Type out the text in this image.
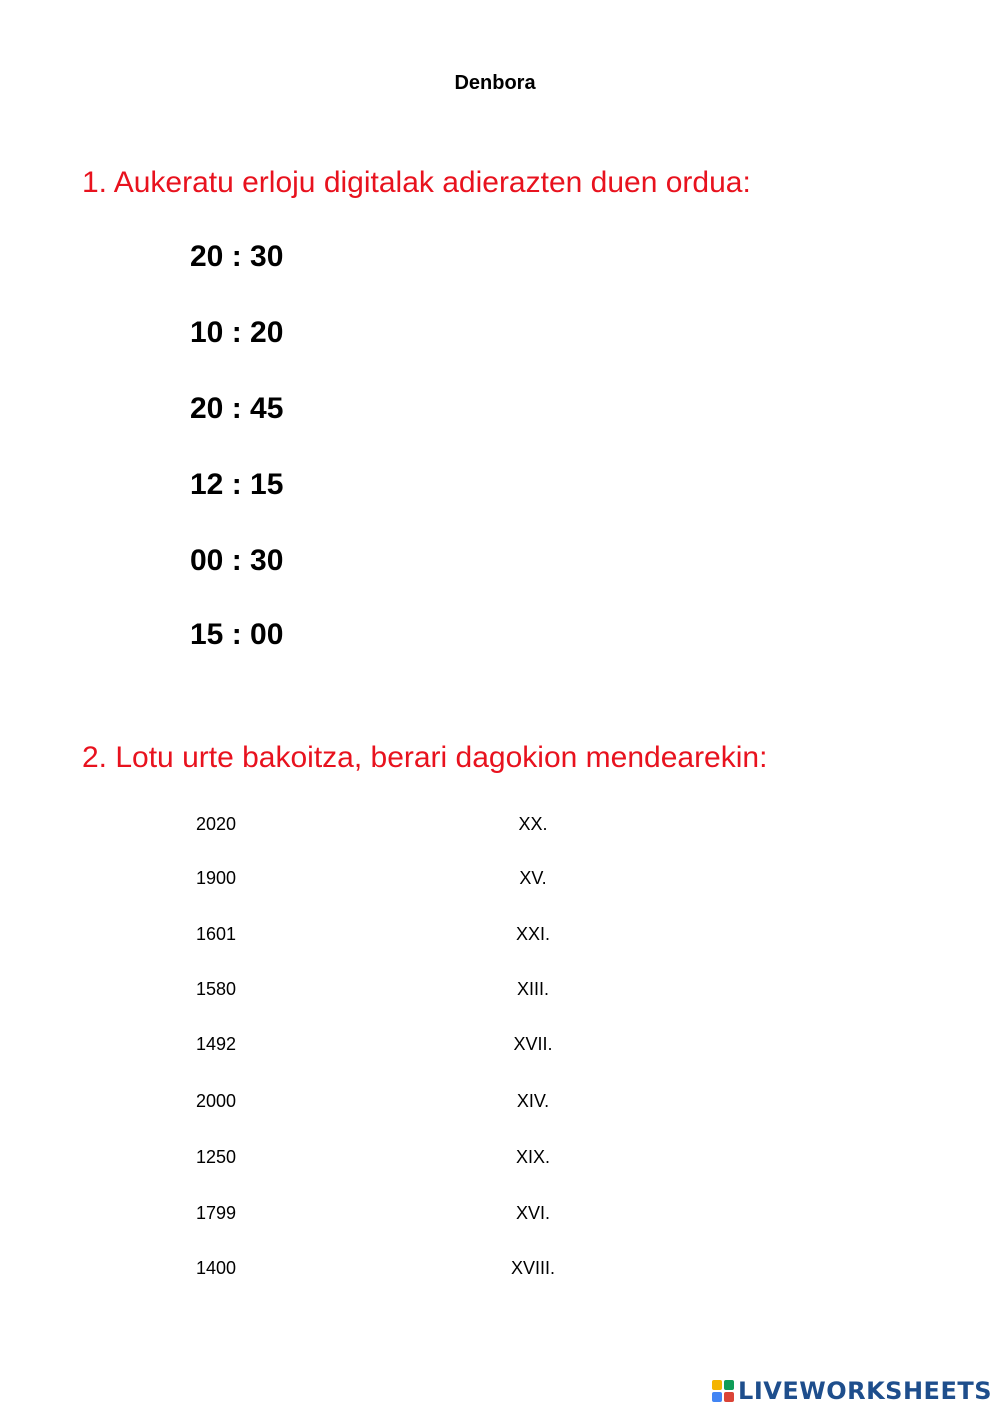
Denbora
1. Aukeratu erloju digitalak adierazten duen ordua:
20 : 30
10 : 20
20 : 45
12 : 15
00 : 30
15 : 00
2. Lotu urte bakoitza, berari dagokion mendearekin:
2020
1900
1601
1580
1492
2000
1250
1799
1400
XX.
XV.
XXI.
XIII.
XVII.
XIV.
XIX.
XVI.
XVIII.
LIVEWORKSHEETS
